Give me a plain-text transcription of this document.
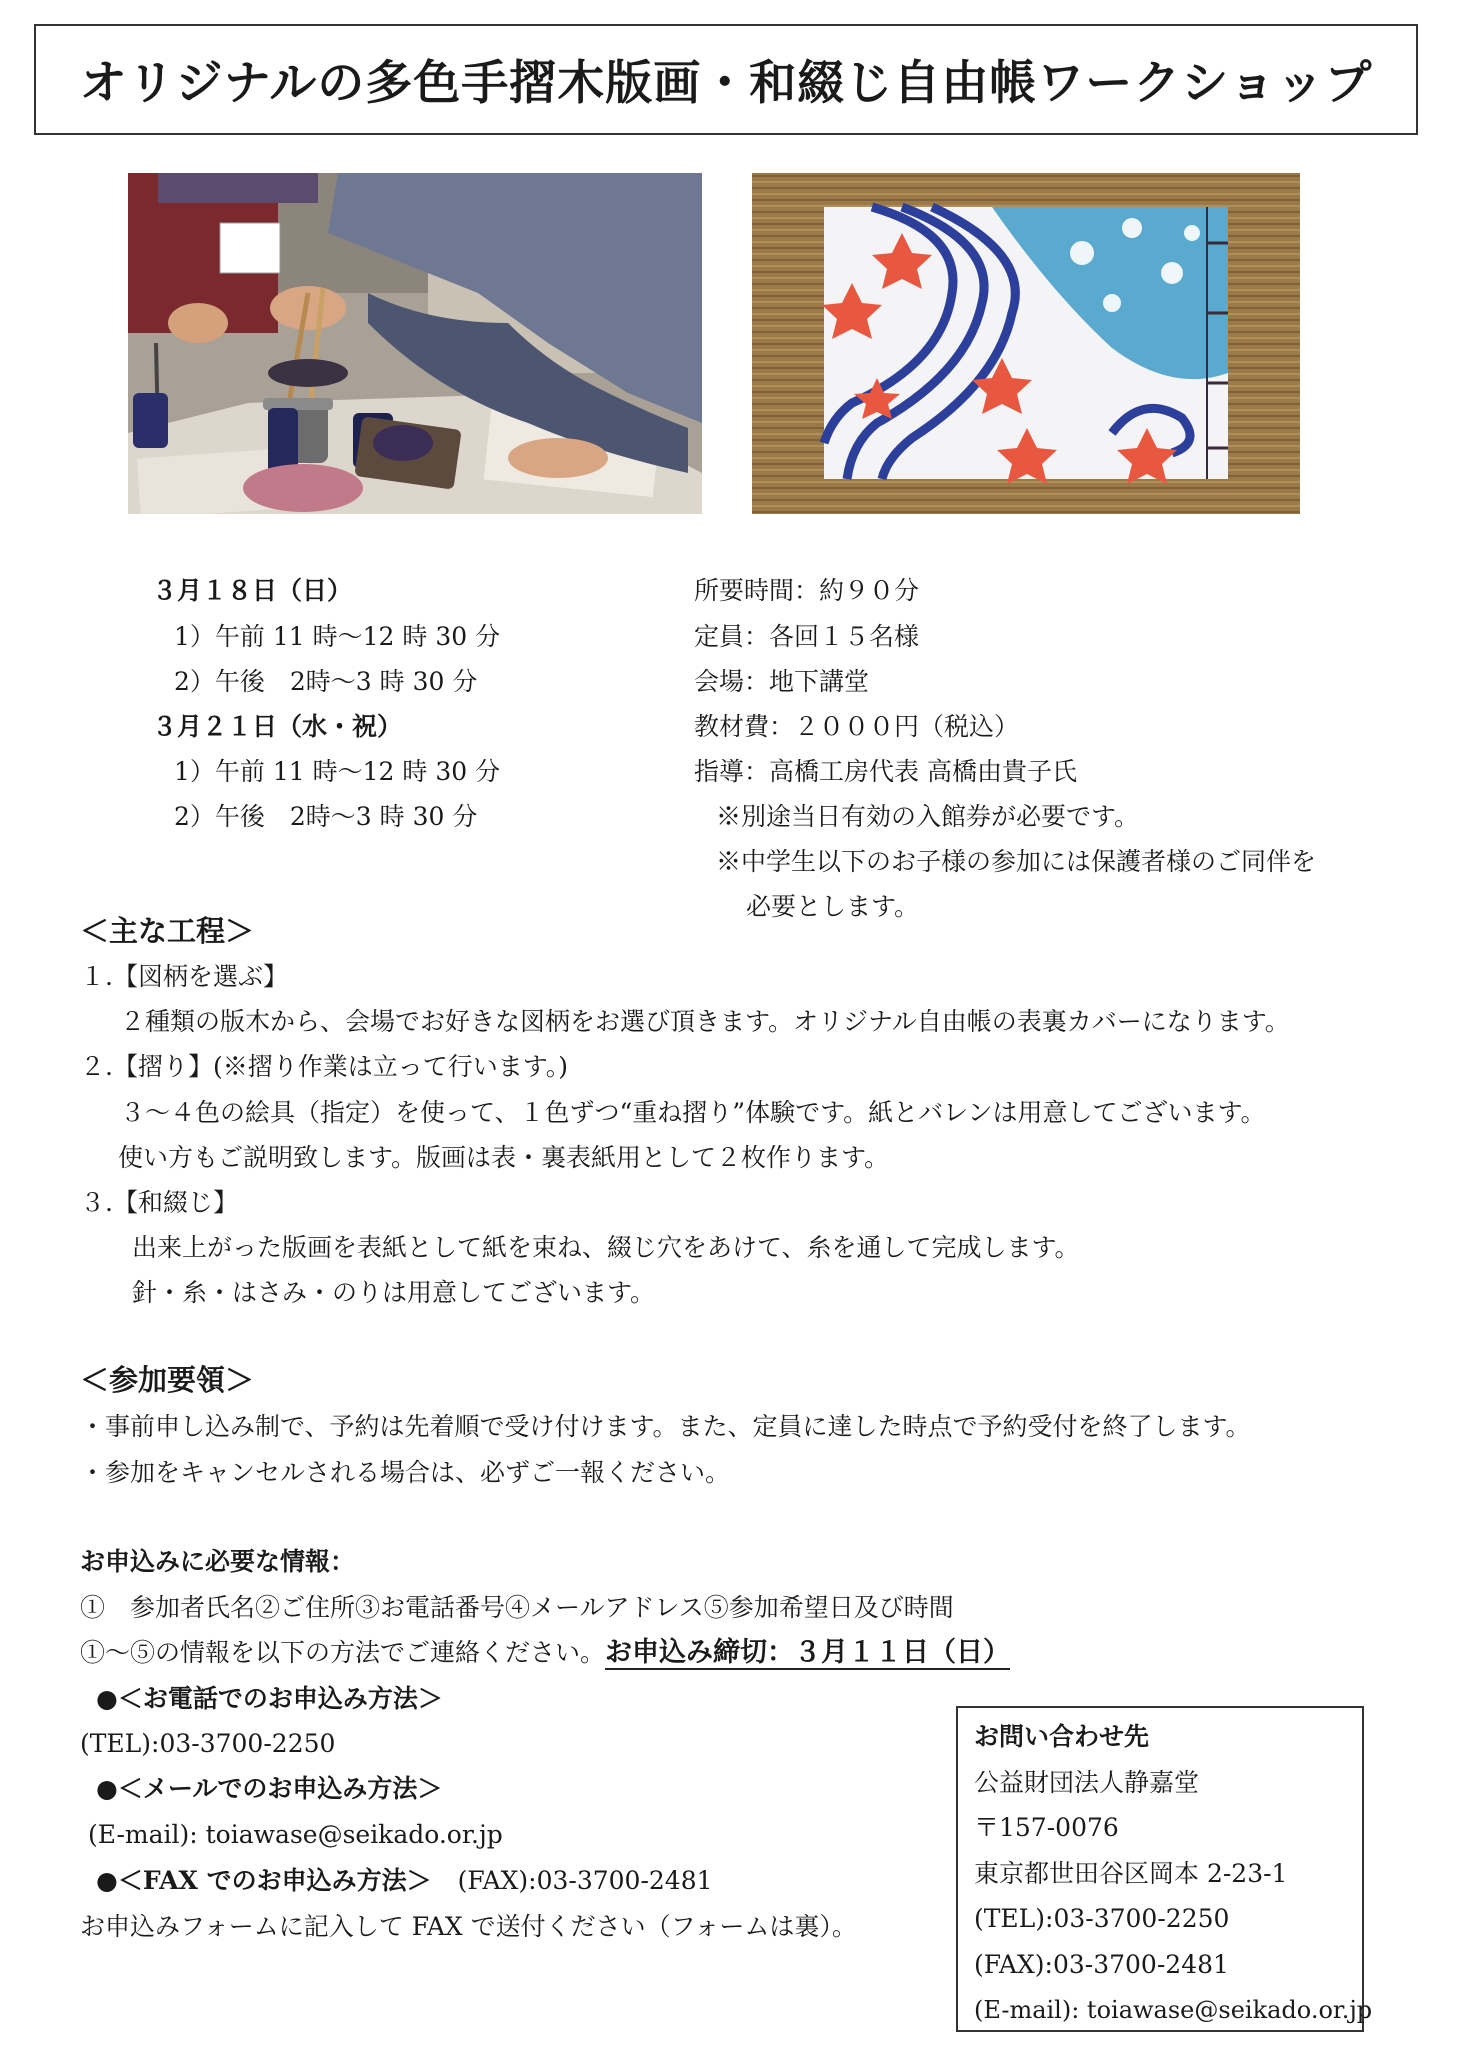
オリジナルの多色手摺木版画・和綴じ自由帳ワークショップ
３月１８日（日）
1）午前 11 時～12 時 30 分
2）午後　2時～3 時 30 分
３月２１日（水・祝）
1）午前 11 時～12 時 30 分
2）午後　2時～3 時 30 分
所要時間：約９０分
定員：各回１５名様
会場：地下講堂
教材費：２０００円（税込）
指導：高橋工房代表 高橋由貴子氏
※別途当日有効の入館券が必要です。
※中学生以下のお子様の参加には保護者様のご同伴を
必要とします。
＜主な工程＞
１.【図柄を選ぶ】
２種類の版木から、会場でお好きな図柄をお選び頂きます。オリジナル自由帳の表裏カバーになります。
２.【摺り】(※摺り作業は立って行います。)
３～４色の絵具（指定）を使って、１色ずつ“重ね摺り”体験です。紙とバレンは用意してございます。
使い方もご説明致します。版画は表・裏表紙用として２枚作ります。
３.【和綴じ】
出来上がった版画を表紙として紙を束ね、綴じ穴をあけて、糸を通して完成します。
針・糸・はさみ・のりは用意してございます。
＜参加要領＞
・事前申し込み制で、予約は先着順で受け付けます。また、定員に達した時点で予約受付を終了します。
・参加をキャンセルされる場合は、必ずご一報ください。
お申込みに必要な情報：
①　参加者氏名②ご住所③お電話番号④メールアドレス⑤参加希望日及び時間
①～⑤の情報を以下の方法でご連絡ください。お申込み締切：３月１１日（日）
●＜お電話でのお申込み方法＞
(TEL):03-3700-2250
●＜メールでのお申込み方法＞
(E-mail): toiawase@seikado.or.jp
●＜FAX でのお申込み方法＞ (FAX):03-3700-2481
お申込みフォームに記入して FAX で送付ください（フォームは裏）。
お問い合わせ先
公益財団法人静嘉堂
〒157-0076
東京都世田谷区岡本 2-23-1
(TEL):03-3700-2250
(FAX):03-3700-2481
(E-mail): toiawase@seikado.or.jp
